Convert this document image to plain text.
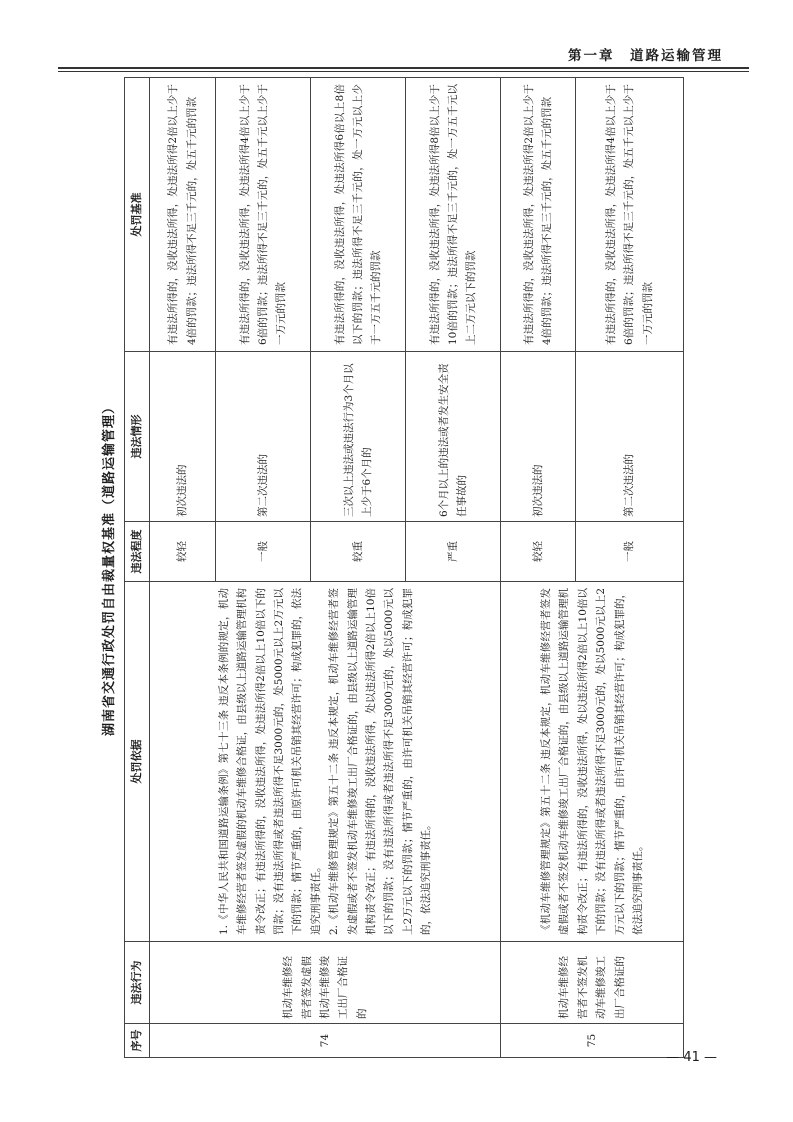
第一章　道路运输管理
湖南省交通行政处罚自由裁量权基准（道路运输管理）
序号	违法行为	处罚依据	违法程度	违法情形	处罚基准
74	机动车维修经营者签发虚假机动车维修竣工出厂合格证的	1.《中华人民共和国道路运输条例》第七十三条 违反本条例的规定，机动车维修经营者签发虚假的机动车维修合格证，由县级以上道路运输管理机构责令改正；有违法所得的，没收违法所得，处违法所得2倍以上10倍以下的罚款；没有违法所得或者违法所得不足3000元的，处5000元以上2万元以下的罚款；情节严重的，由原许可机关吊销其经营许可；构成犯罪的，依法追究刑事责任。 2.《机动车维修管理规定》第五十二条 违反本规定，机动车维修经营者签发虚假或者不签发机动车维修竣工出厂合格证的，由县级以上道路运输管理机构责令改正；有违法所得的，没收违法所得，处以违法所得2倍以上10倍以下的罚款；没有违法所得或者违法所得不足3000元的，处以5000元以上2万元以下的罚款；情节严重的，由许可机关吊销其经营许可；构成犯罪的，依法追究刑事责任。	较轻	初次违法的	有违法所得的，没收违法所得，处违法所得2倍以上少于4倍的罚款；违法所得不足三千元的，处五千元的罚款
			一般	第二次违法的	有违法所得的，没收违法所得，处违法所得4倍以上少于6倍的罚款；违法所得不足三千元的，处五千元以上少于一万元的罚款
			较重	三次以上违法或违法行为3个月以上少于6个月的	有违法所得的，没收违法所得，处违法所得6倍以上8倍以下的罚款；违法所得不足三千元的，处一万元以上少于一万五千元的罚款
			严重	6个月以上的违法或者发生安全责任事故的	有违法所得的，没收违法所得，处违法所得8倍以上少于10倍的罚款；违法所得不足三千元的，处一万五千元以上二万元以下的罚款
75	机动车维修经营者不签发机动车维修竣工出厂合格证的	《机动车维修管理规定》第五十二条 违反本规定，机动车维修经营者签发虚假或者不签发机动车维修竣工出厂合格证的，由县级以上道路运输管理机构责令改正；有违法所得的，没收违法所得，处以违法所得2倍以上10倍以下的罚款；没有违法所得或者违法所得不足3000元的，处以5000元以上2万元以下的罚款；情节严重的，由许可机关吊销其经营许可；构成犯罪的，依法追究刑事责任。	较轻	初次违法的	有违法所得的，没收违法所得，处违法所得2倍以上少于4倍的罚款；违法所得不足三千元的，处五千元的罚款
			一般	第二次违法的	有违法所得的，没收违法所得，处违法所得4倍以上少于6倍的罚款；违法所得不足三千元的，处五千元以上少于一万元的罚款
— 41 —
